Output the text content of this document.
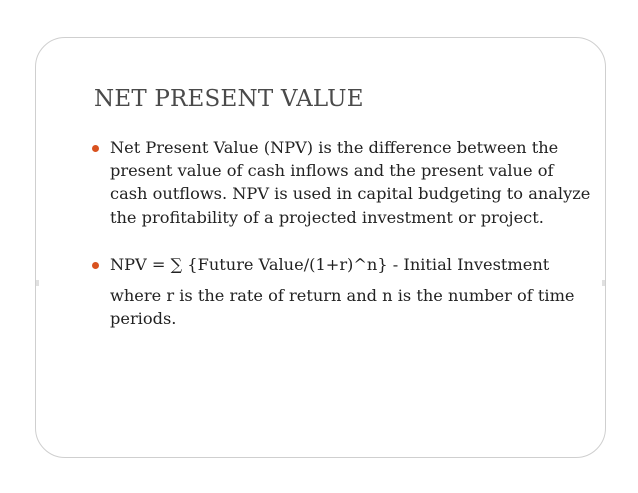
NET PRESENT VALUE
Net Present Value (NPV) is the difference between the present value of cash inflows and the present value of cash outflows. NPV is used in capital budgeting to analyze the profitability of a projected investment or project.
NPV = ∑ {Future Value/(1+r)^n} - Initial Investment
where r is the rate of return and n is the number of time periods.
